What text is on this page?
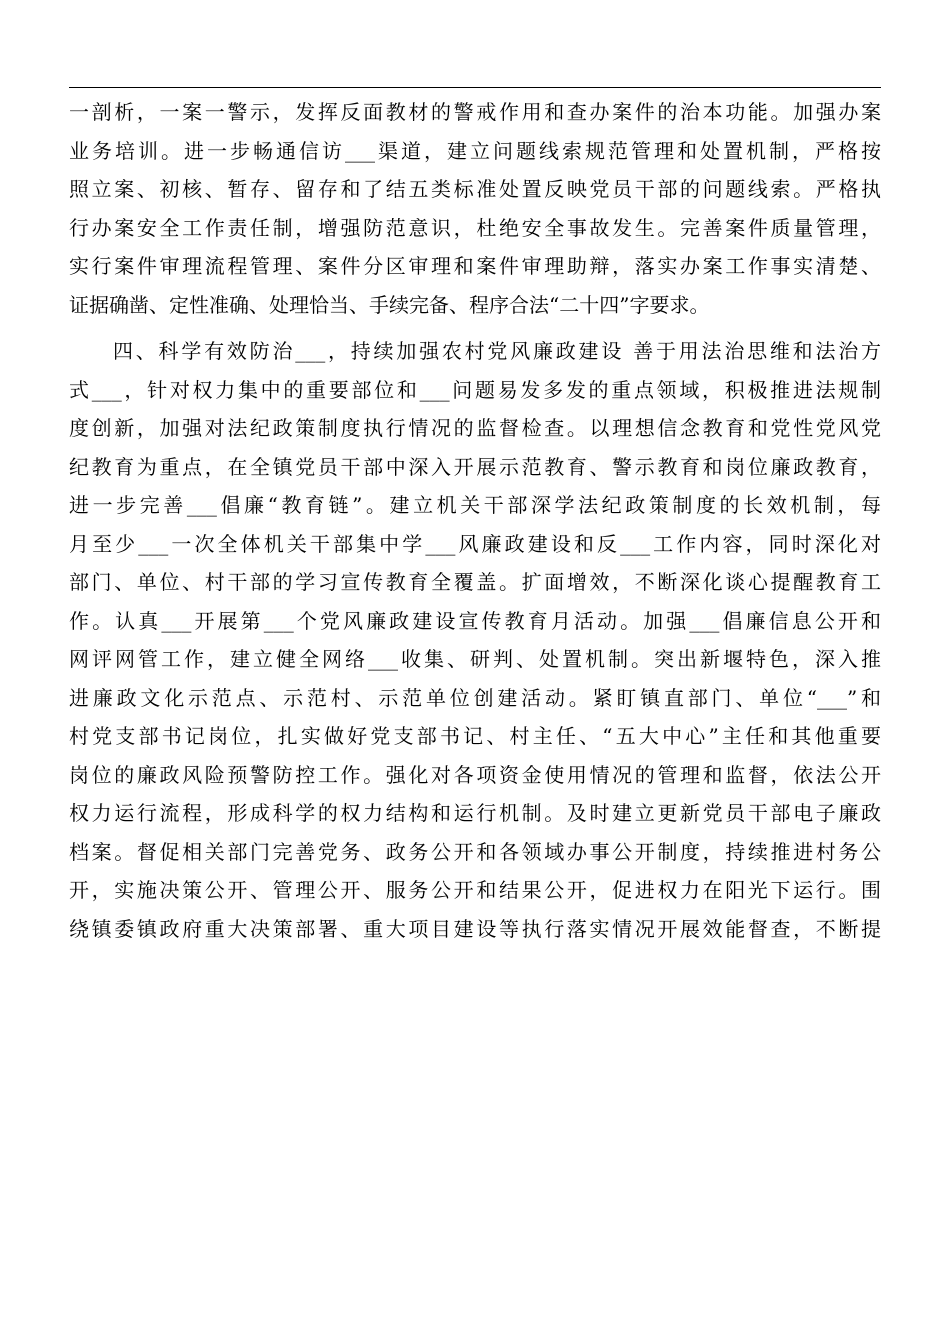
一剖析，一案一警示，发挥反面教材的警戒作用和查办案件的治本功能。加强办案
业务培训。进一步畅通信访___渠道，建立问题线索规范管理和处置机制，严格按
照立案、初核、暂存、留存和了结五类标准处置反映党员干部的问题线索。严格执
行办案安全工作责任制，增强防范意识，杜绝安全事故发生。完善案件质量管理，
实行案件审理流程管理、案件分区审理和案件审理助辩，落实办案工作事实清楚、
证据确凿、定性准确、处理恰当、手续完备、程序合法“二十四”字要求。
四、科学有效防治___，持续加强农村党风廉政建设 善于用法治思维和法治方
式___，针对权力集中的重要部位和___问题易发多发的重点领域，积极推进法规制
度创新，加强对法纪政策制度执行情况的监督检查。以理想信念教育和党性党风党
纪教育为重点，在全镇党员干部中深入开展示范教育、警示教育和岗位廉政教育，
进一步完善___倡廉“教育链”。建立机关干部深学法纪政策制度的长效机制，每
月至少___一次全体机关干部集中学___风廉政建设和反___工作内容，同时深化对
部门、单位、村干部的学习宣传教育全覆盖。扩面增效，不断深化谈心提醒教育工
作。认真___开展第___个党风廉政建设宣传教育月活动。加强___倡廉信息公开和
网评网管工作，建立健全网络___收集、研判、处置机制。突出新堰特色，深入推
进廉政文化示范点、示范村、示范单位创建活动。紧盯镇直部门、单位“___”和
村党支部书记岗位，扎实做好党支部书记、村主任、“五大中心”主任和其他重要
岗位的廉政风险预警防控工作。强化对各项资金使用情况的管理和监督，依法公开
权力运行流程，形成科学的权力结构和运行机制。及时建立更新党员干部电子廉政
档案。督促相关部门完善党务、政务公开和各领域办事公开制度，持续推进村务公
开，实施决策公开、管理公开、服务公开和结果公开，促进权力在阳光下运行。围
绕镇委镇政府重大决策部署、重大项目建设等执行落实情况开展效能督查，不断提
